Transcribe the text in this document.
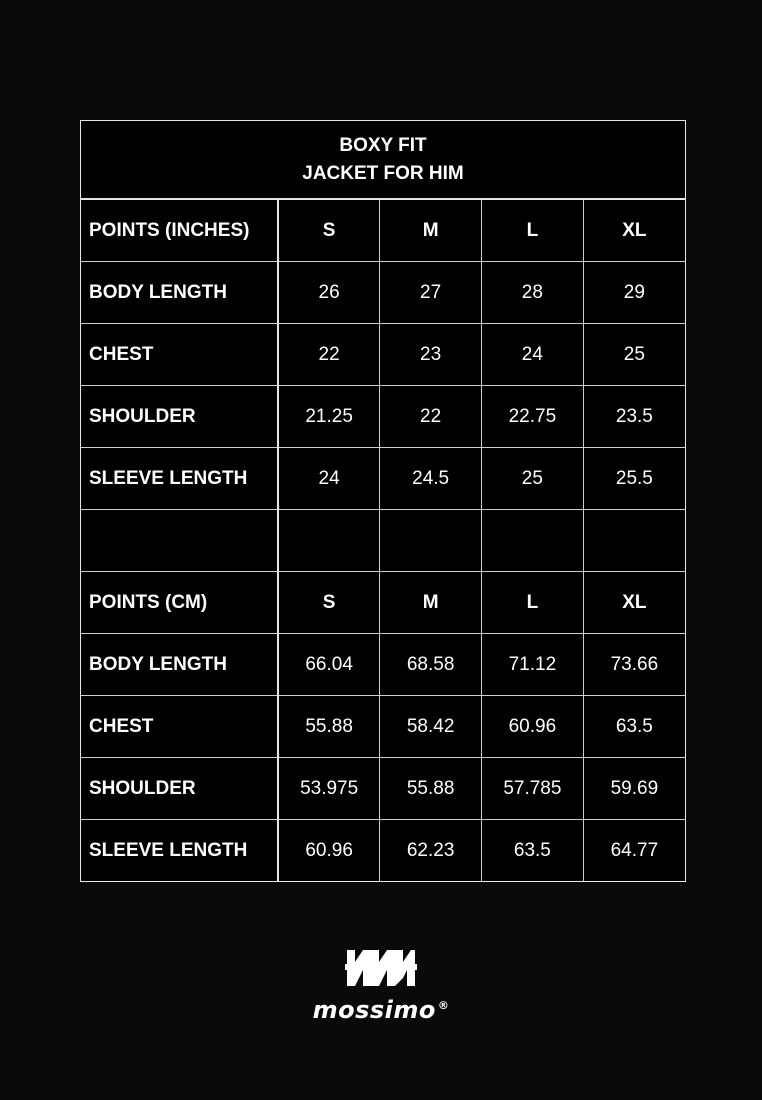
BOXY FIT
JACKET FOR HIM
POINTS (INCHES)	S	M	L	XL
BODY LENGTH	26	27	28	29
CHEST	22	23	24	25
SHOULDER	21.25	22	22.75	23.5
SLEEVE LENGTH	24	24.5	25	25.5

POINTS (CM)	S	M	L	XL
BODY LENGTH	66.04	68.58	71.12	73.66
CHEST	55.88	58.42	60.96	63.5
SHOULDER	53.975	55.88	57.785	59.69
SLEEVE LENGTH	60.96	62.23	63.5	64.77
mossimo ®
